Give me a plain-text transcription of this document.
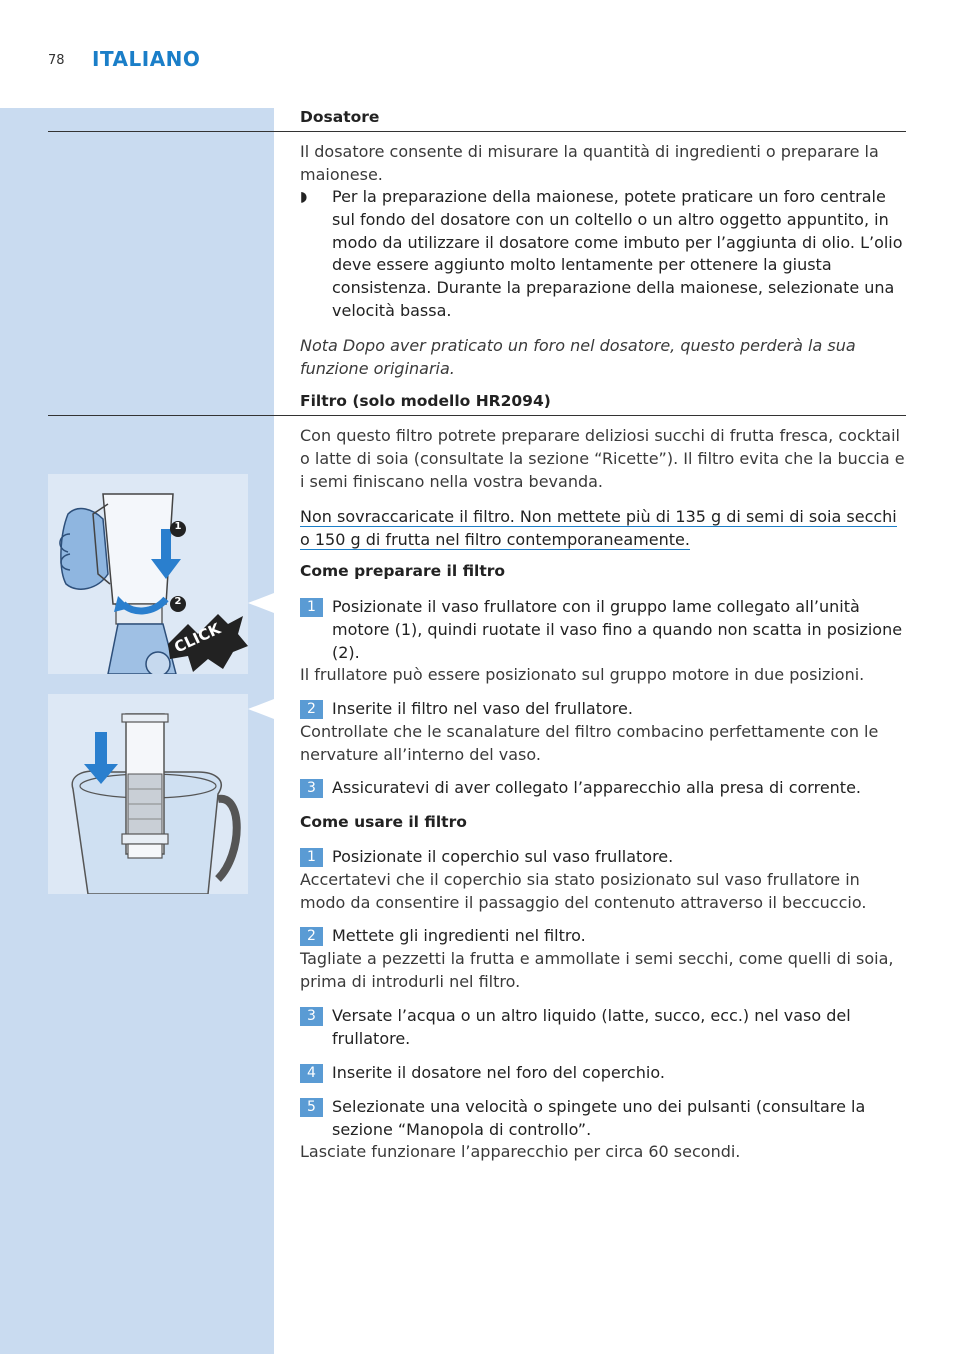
78 ITALIANO
Dosatore
Il dosatore consente di misurare la quantità di ingredienti o preparare la maionese.
◗ Per la preparazione della maionese, potete praticare un foro centrale sul fondo del dosatore con un coltello o un altro oggetto appuntito, in modo da utilizzare il dosatore come imbuto per l’aggiunta di olio. L’olio deve essere aggiunto molto lentamente per ottenere la giusta consistenza. Durante la preparazione della maionese, selezionate una velocità bassa.
Nota Dopo aver praticato un foro nel dosatore, questo perderà la sua funzione originaria.
Filtro (solo modello HR2094)
Con questo filtro potrete preparare deliziosi succhi di frutta fresca, cocktail o latte di soia (consultate la sezione “Ricette”). Il filtro evita che la buccia e i semi finiscano nella vostra bevanda.
Non sovraccaricate il filtro. Non mettete più di 135 g di semi di soia secchi o 150 g di frutta nel filtro contemporaneamente.
Come preparare il filtro
1	Posizionate il vaso frullatore con il gruppo lame collegato all’unità motore (1), quindi ruotate il vaso fino a quando non scatta in posizione (2).
Il frullatore può essere posizionato sul gruppo motore in due posizioni.
2	Inserite il filtro nel vaso del frullatore.
Controllate che le scanalature del filtro combacino perfettamente con le nervature all’interno del vaso.
3	Assicuratevi di aver collegato l’apparecchio alla presa di corrente.
Come usare il filtro
1	Posizionate il coperchio sul vaso frullatore.
Accertatevi che il coperchio sia stato posizionato sul vaso frullatore in modo da consentire il passaggio del contenuto attraverso il beccuccio.
2	Mettete gli ingredienti nel filtro.
Tagliate a pezzetti la frutta e ammollate i semi secchi, come quelli di soia, prima di introdurli nel filtro.
3	Versate l’acqua o un altro liquido (latte, succo, ecc.) nel vaso del frullatore.
4	Inserite il dosatore nel foro del coperchio.
5	Selezionate una velocità o spingete uno dei pulsanti (consultare la sezione “Manopola di controllo”.
Lasciate funzionare l’apparecchio per circa 60 secondi.
1
2
CLICK
